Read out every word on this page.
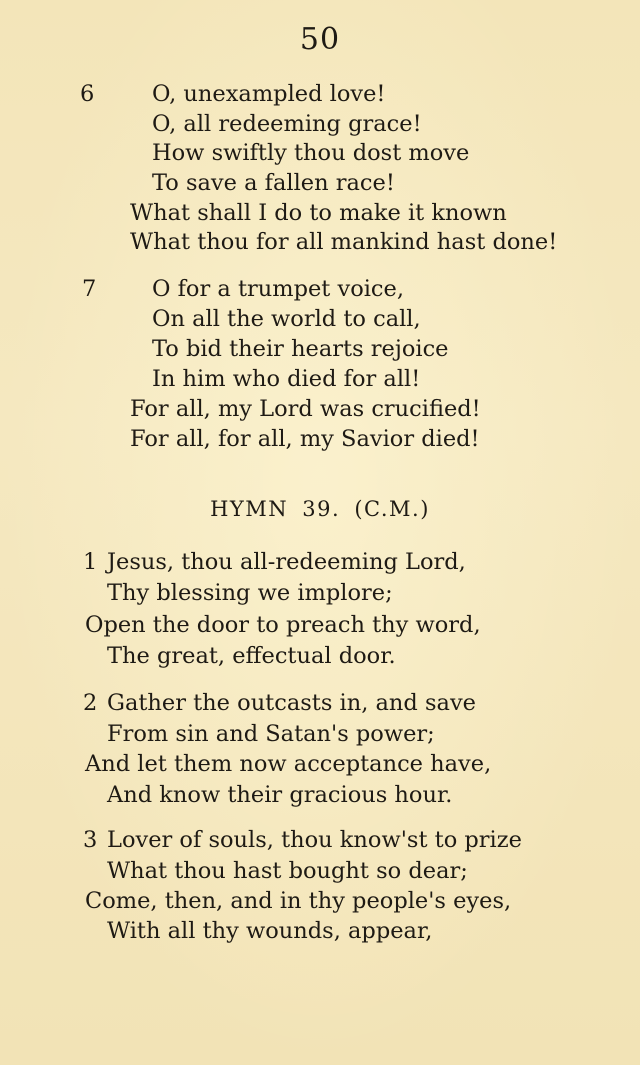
50
6	O, unexampled love!
O, all redeeming grace!
How swiftly thou dost move
To save a fallen race!
What shall I do to make it known
What thou for all mankind hast done!
7 O for a trumpet voice,
On all the world to call,
To bid their hearts rejoice
In him who died for all!
For all, my Lord was crucified!
For all, for all, my Savior died!
HYMN 39. (C.M.)
1 Jesus, thou all-redeeming Lord,
Thy blessing we implore;
Open the door to preach thy word,
The great, effectual door.
2 Gather the outcasts in, and save
From sin and Satan's power;
And let them now acceptance have,
And know their gracious hour.
3 Lover of souls, thou know'st to prize
What thou hast bought so dear;
Come, then, and in thy people's eyes,
With all thy wounds, appear,
